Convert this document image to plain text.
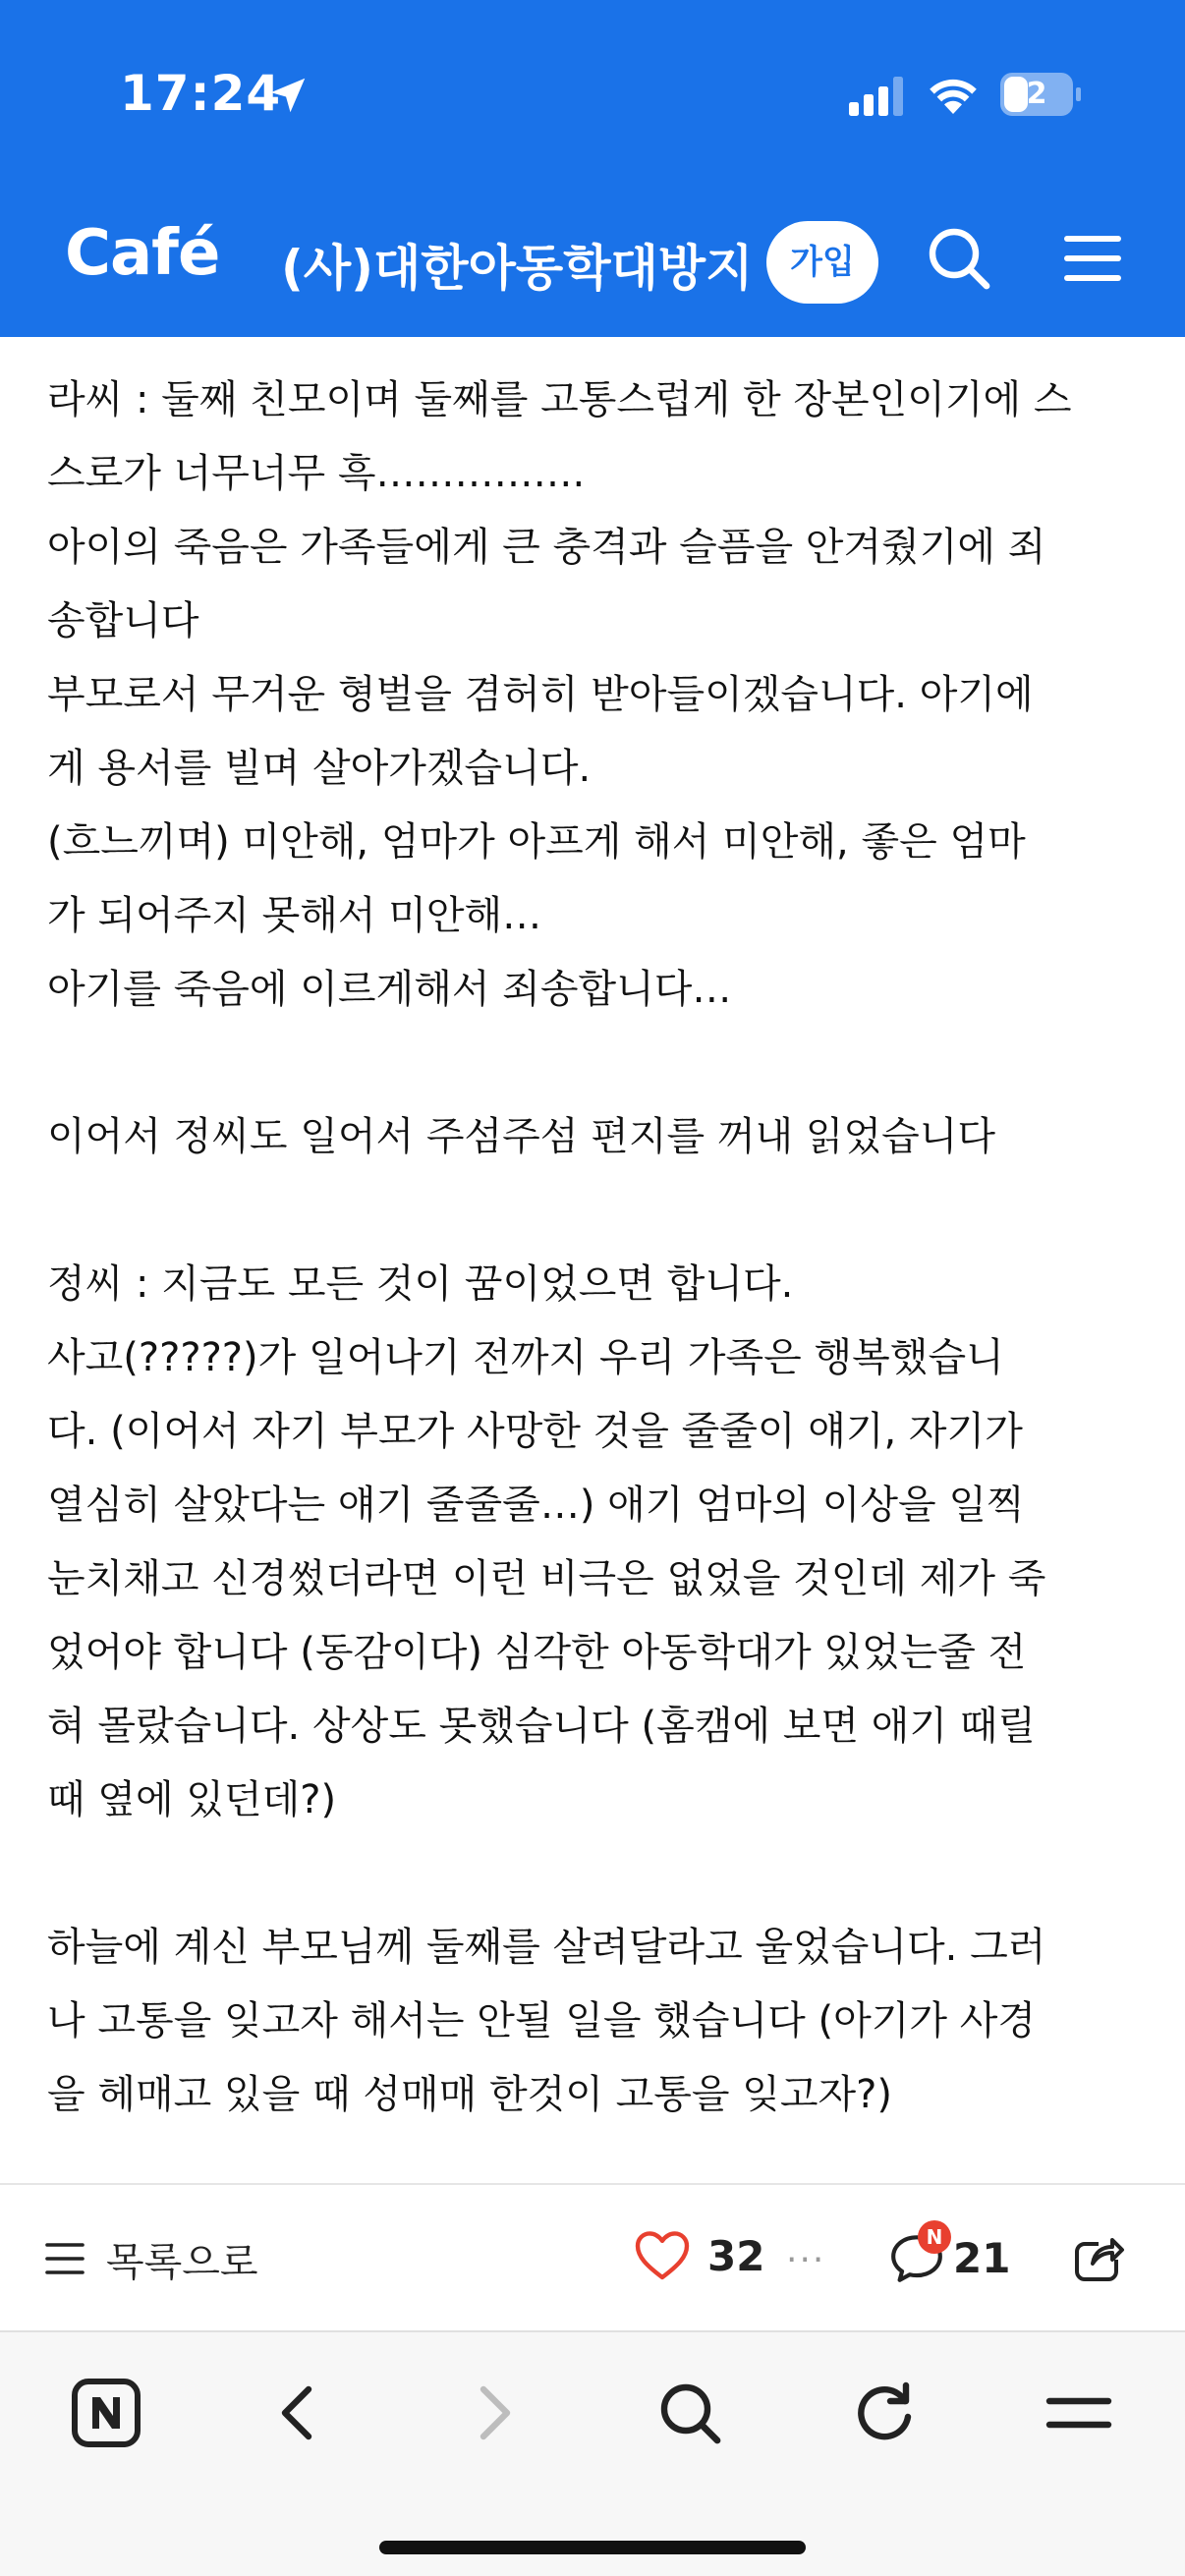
17:24	2
Café (사)대한아동학대방지	가입
라씨 : 둘째 친모이며 둘째를 고통스럽게 한 장본인이기에 스
스로가 너무너무 흑…………….
아이의 죽음은 가족들에게 큰 충격과 슬픔을 안겨줬기에 죄
송합니다
부모로서 무거운 형벌을 겸허히 받아들이겠습니다. 아기에
게 용서를 빌며 살아가겠습니다.
(흐느끼며) 미안해, 엄마가 아프게 해서 미안해, 좋은 엄마
가 되어주지 못해서 미안해…
아기를 죽음에 이르게해서 죄송합니다…
이어서 정씨도 일어서 주섬주섬 편지를 꺼내 읽었습니다
정씨 : 지금도 모든 것이 꿈이었으면 합니다.
사고(?????)가 일어나기 전까지 우리 가족은 행복했습니
다. (이어서 자기 부모가 사망한 것을 줄줄이 얘기, 자기가
열심히 살았다는 얘기 줄줄줄…) 애기 엄마의 이상을 일찍
눈치채고 신경썼더라면 이런 비극은 없었을 것인데 제가 죽
었어야 합니다 (동감이다) 심각한 아동학대가 있었는줄 전
혀 몰랐습니다. 상상도 못했습니다 (홈캠에 보면 애기 때릴
때 옆에 있던데?)
하늘에 계신 부모님께 둘째를 살려달라고 울었습니다. 그러
나 고통을 잊고자 해서는 안될 일을 했습니다 (아기가 사경
을 헤매고 있을 때 성매매 한것이 고통을 잊고자?)
목록으로	32 ···
N 21
